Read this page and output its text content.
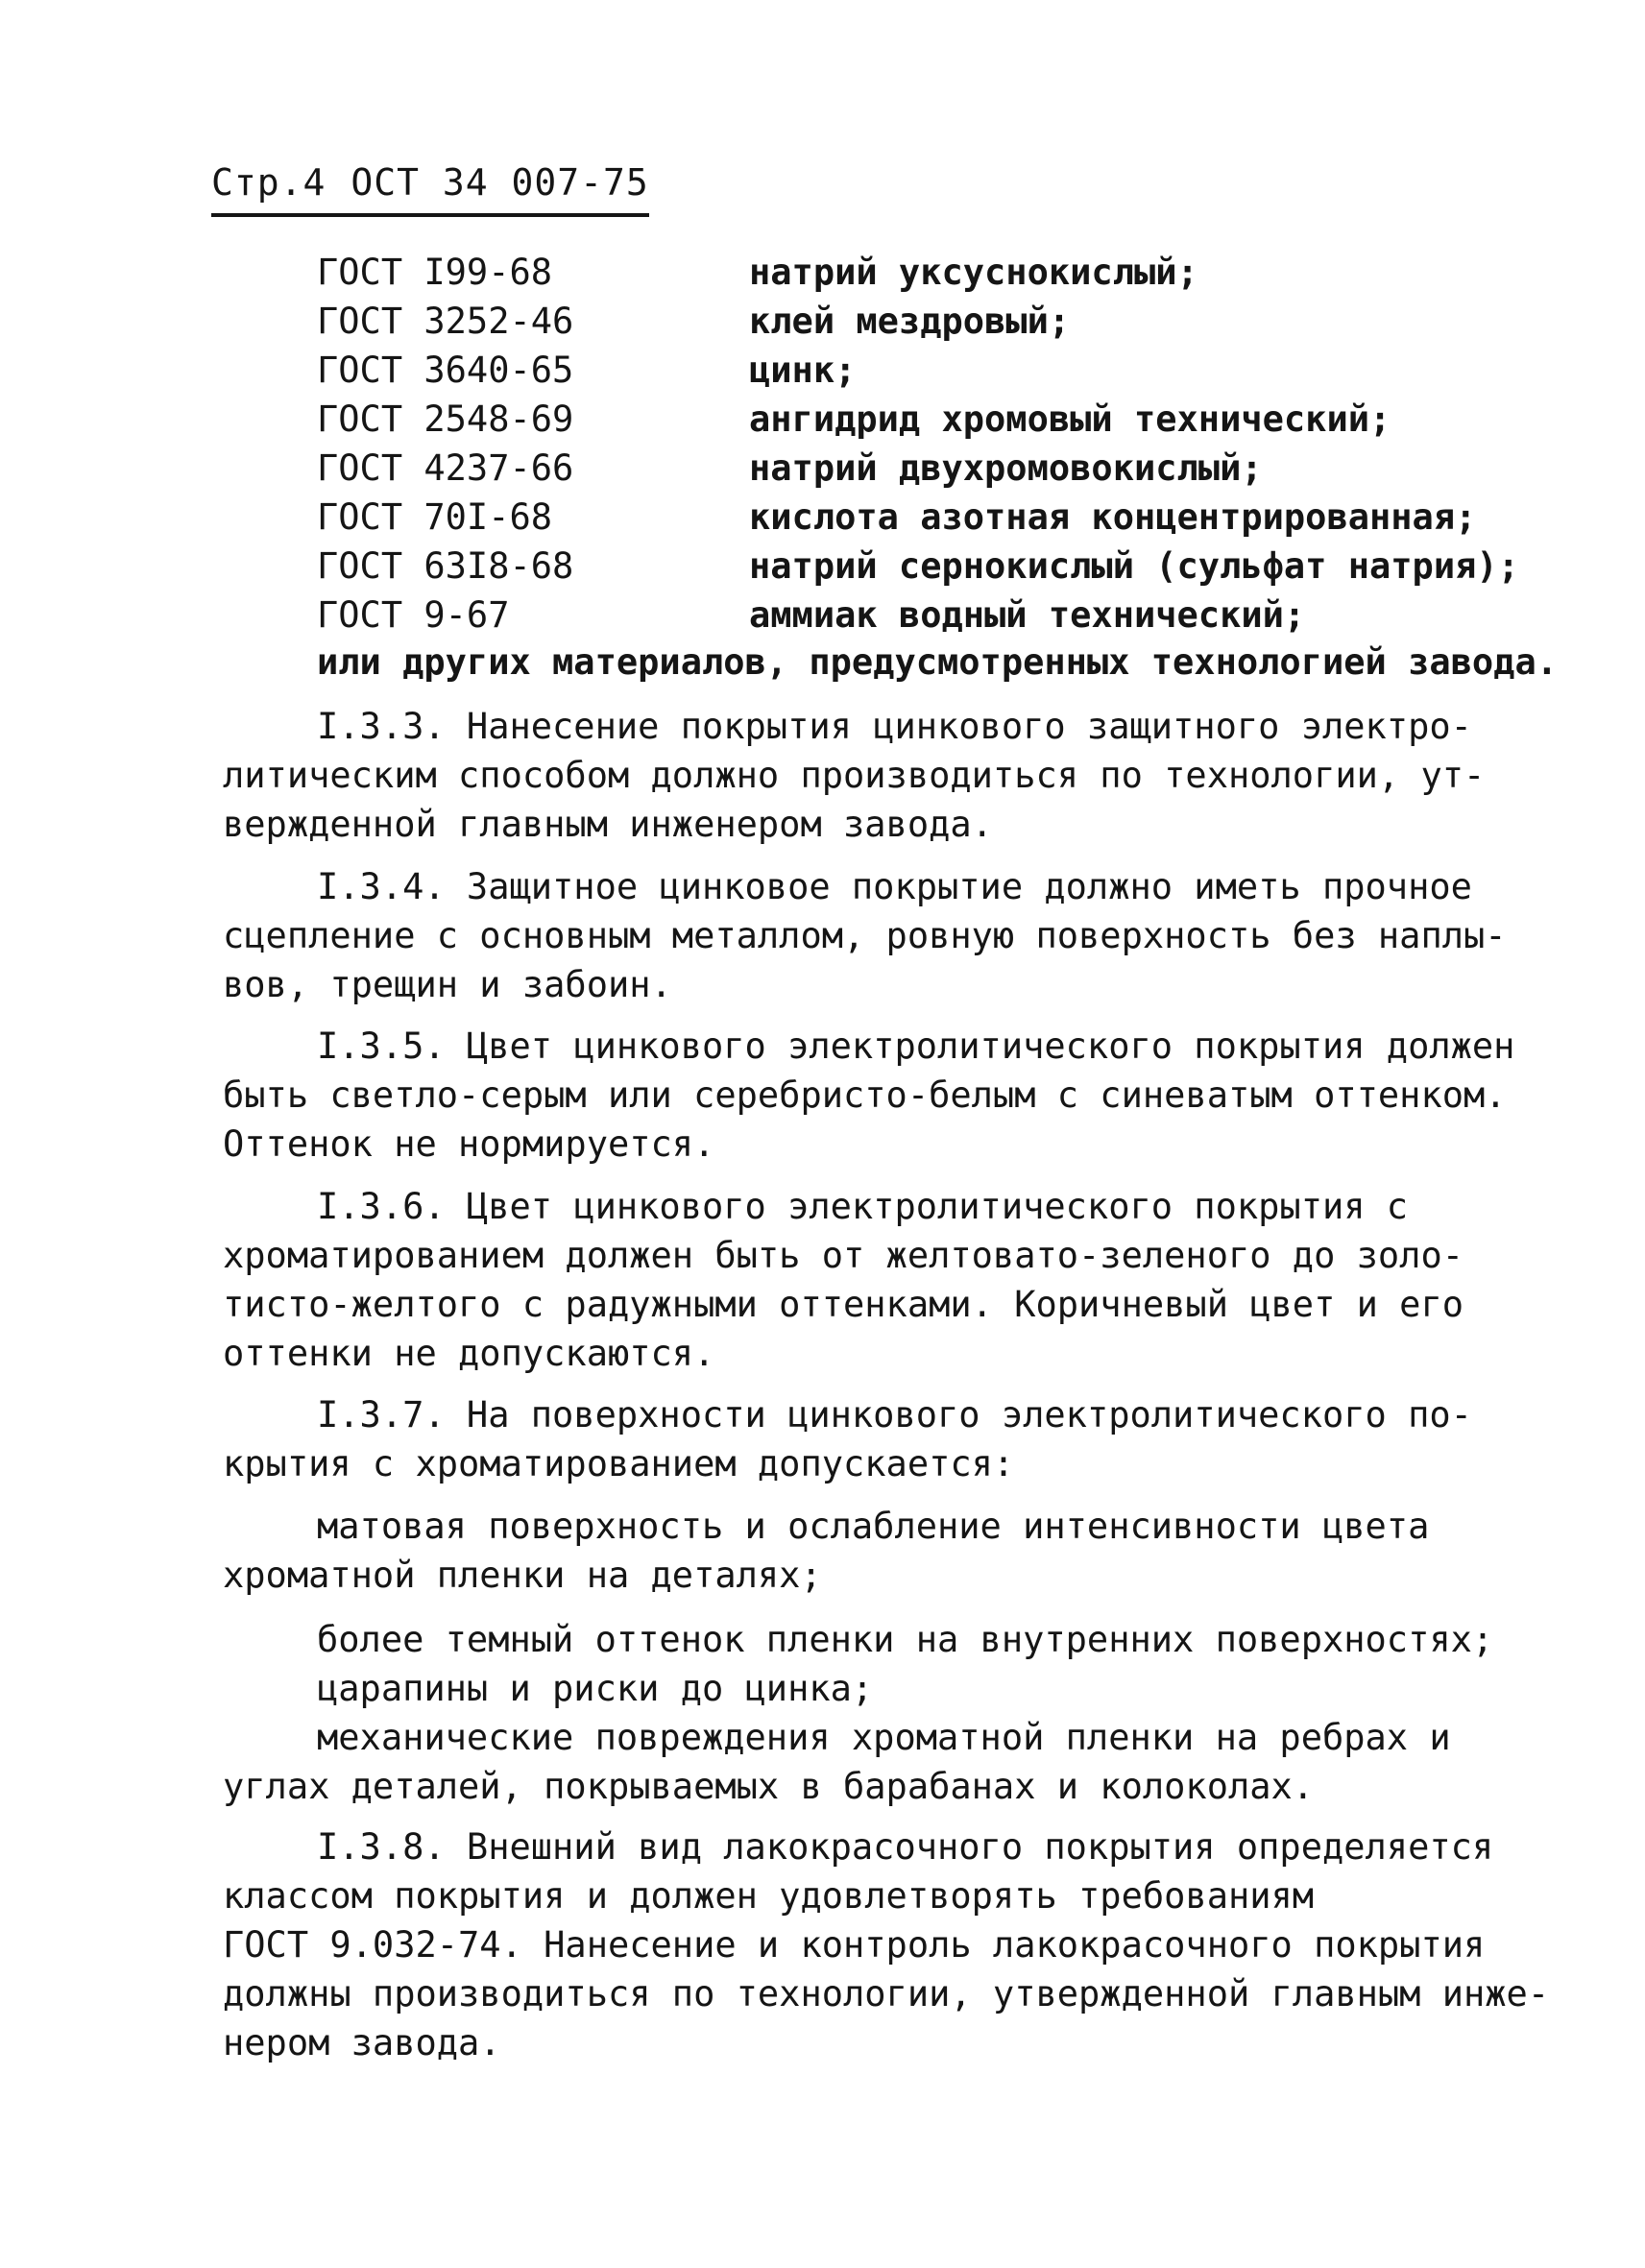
Стр.4 ОСТ 34 007-75
ГОСТ I99-68	натрий уксуснокислый;
ГОСТ 3252-46	клей мездровый;
ГОСТ 3640-65	цинк;
ГОСТ 2548-69	ангидрид хромовый технический;
ГОСТ 4237-66	натрий двухромовокислый;
ГОСТ 70I-68	кислота азотная концентрированная;
ГОСТ 63I8-68	натрий сернокислый (сульфат натрия);
ГОСТ 9-67	аммиак водный технический;
или других материалов, предусмотренных технологией завода.
I.3.3. Нанесение покрытия цинкового защитного электро-
литическим способом должно производиться по технологии, ут-
вержденной главным инженером завода.
I.3.4. Защитное цинковое покрытие должно иметь прочное
сцепление с основным металлом, ровную поверхность без наплы-
вов, трещин и забоин.
I.3.5. Цвет цинкового электролитического покрытия должен
быть светло-серым или серебристо-белым с синеватым оттенком.
Оттенок не нормируется.
I.3.6. Цвет цинкового электролитического покрытия с
хроматированием должен быть от желтовато-зеленого до золо-
тисто-желтого с радужными оттенками. Коричневый цвет и его
оттенки не допускаются.
I.3.7. На поверхности цинкового электролитического по-
крытия с хроматированием допускается:
матовая поверхность и ослабление интенсивности цвета
хроматной пленки на деталях;
более темный оттенок пленки на внутренних поверхностях;
царапины и риски до цинка;
механические повреждения хроматной пленки на ребрах и
углах деталей, покрываемых в барабанах и колоколах.
I.3.8. Внешний вид лакокрасочного покрытия определяется
классом покрытия и должен удовлетворять требованиям
ГОСТ 9.032-74. Нанесение и контроль лакокрасочного покрытия
должны производиться по технологии, утвержденной главным инже-
нером завода.
